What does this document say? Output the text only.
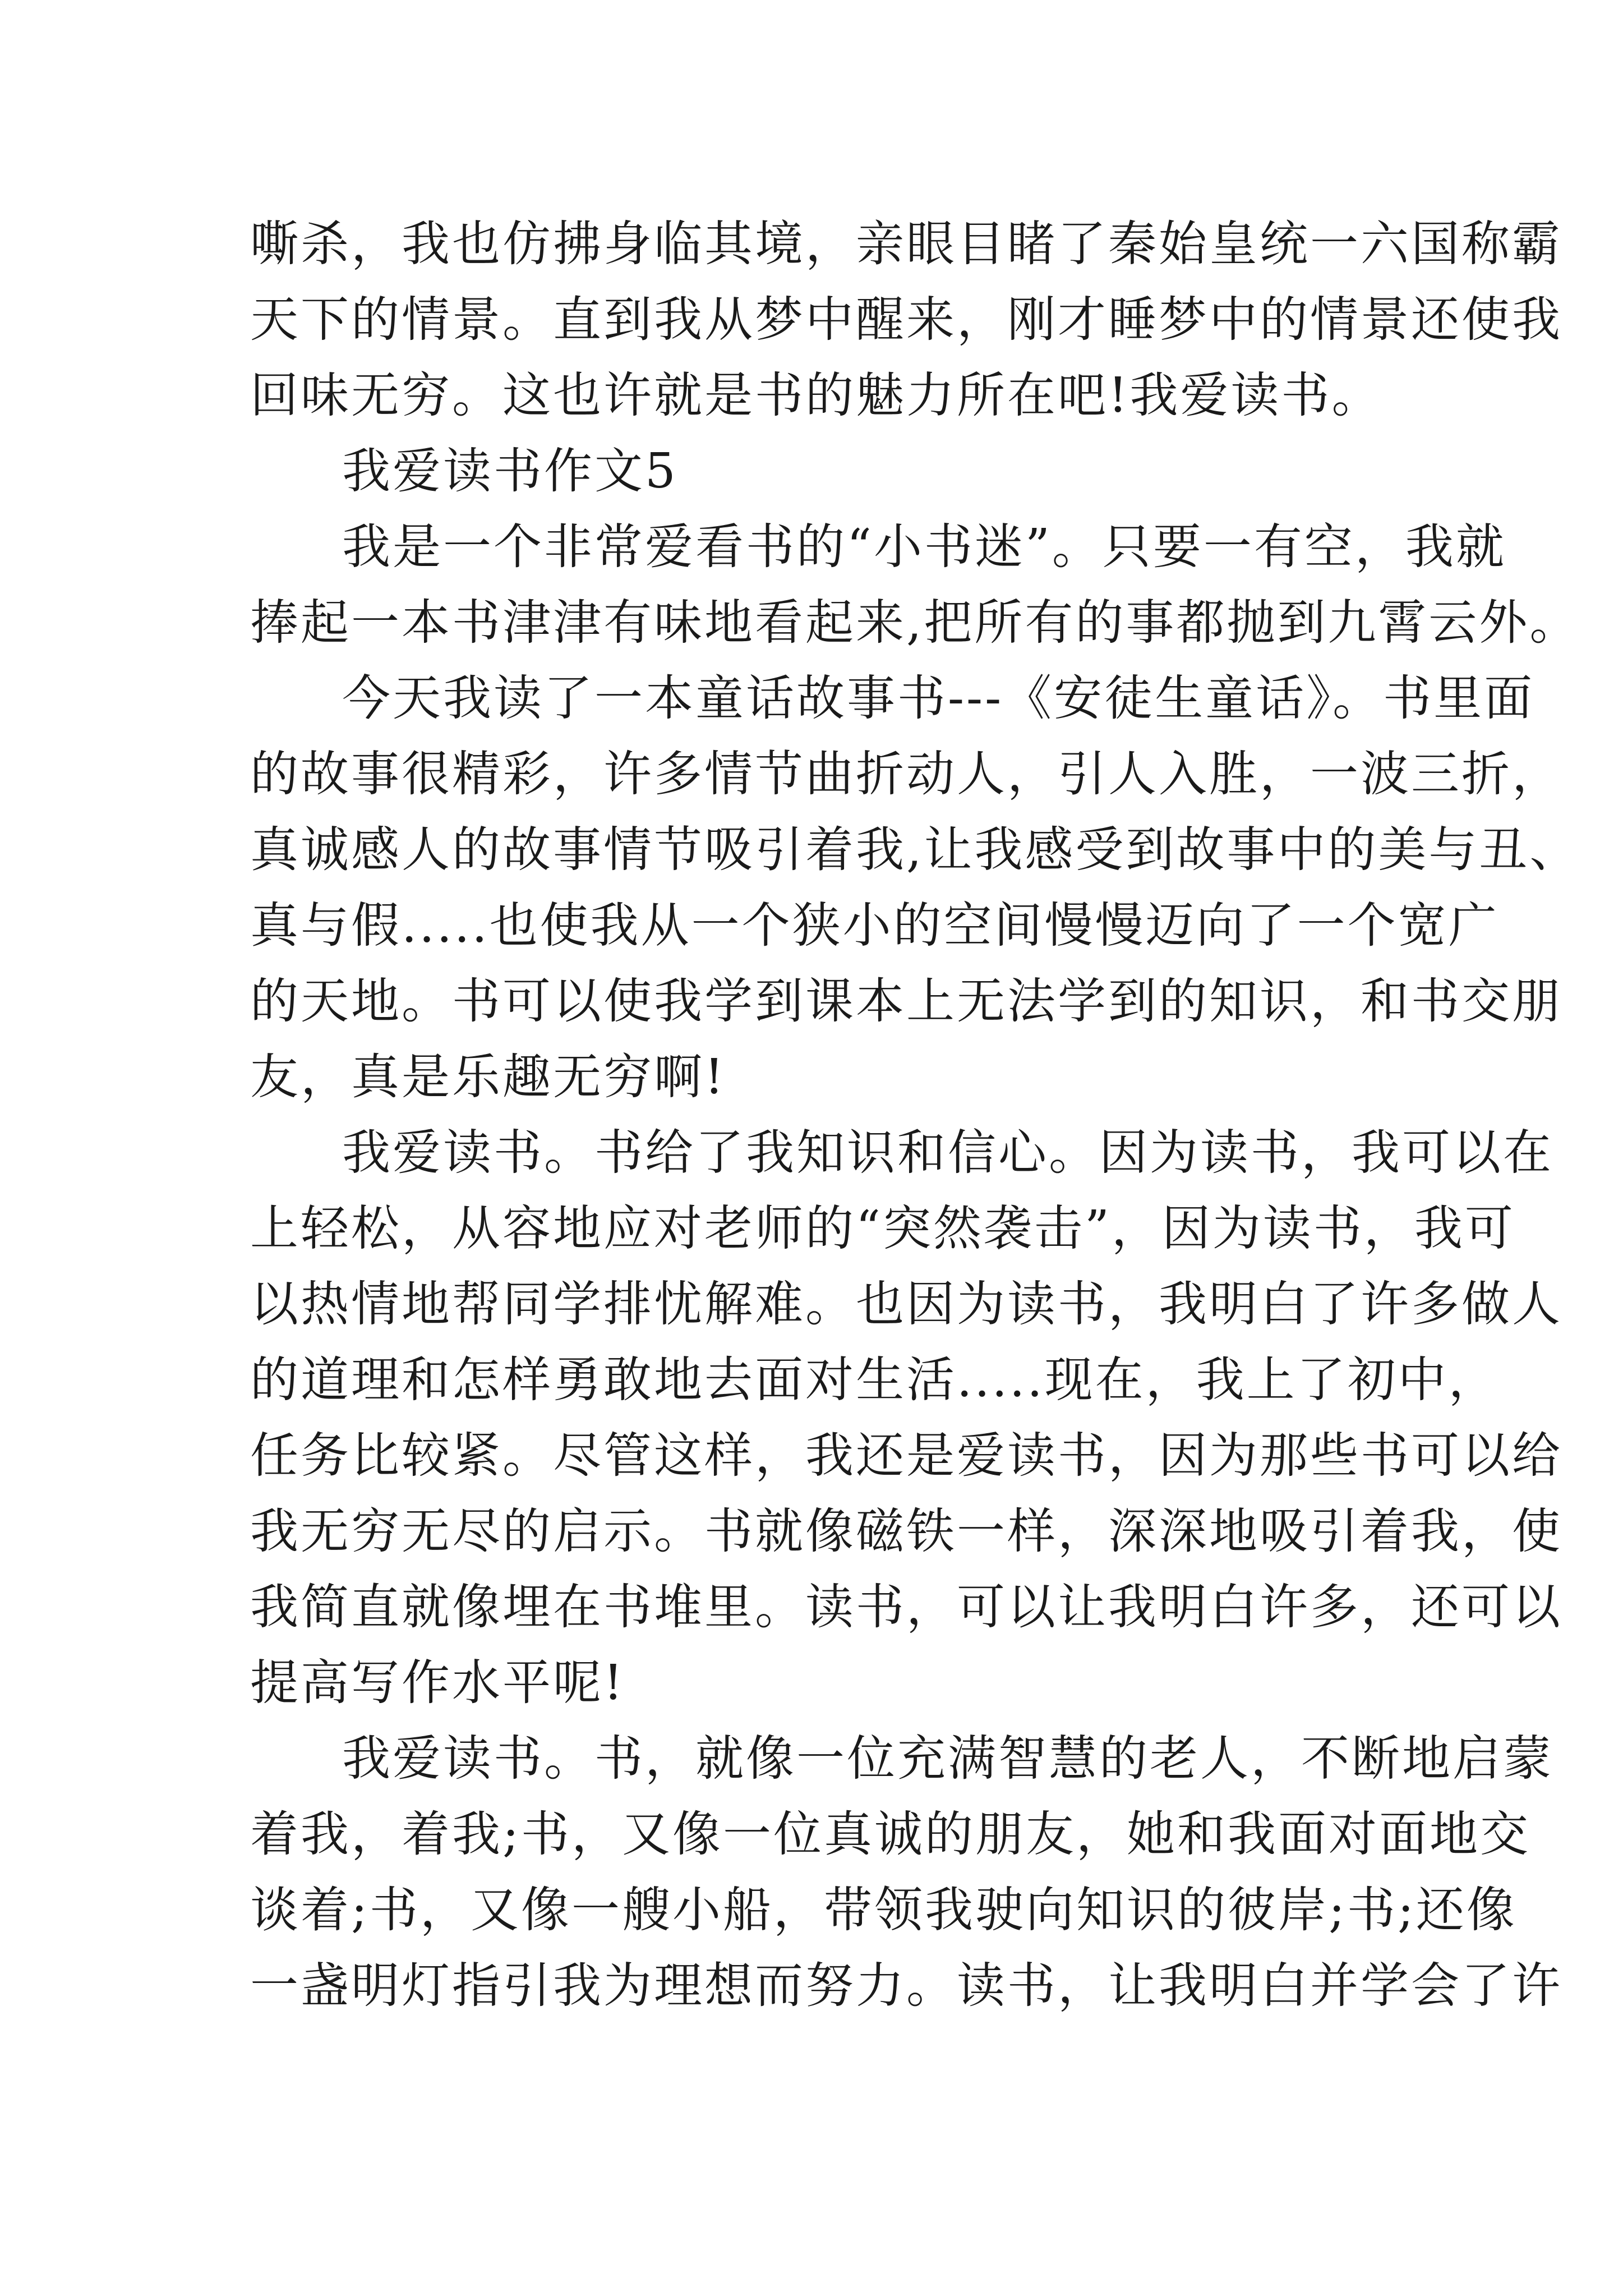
嘶杀，我也仿拂身临其境，亲眼目睹了秦始皇统一六国称霸
天下的情景。直到我从梦中醒来，刚才睡梦中的情景还使我
回味无穷。这也许就是书的魅力所在吧!我爱读书。
我爱读书作文5
我是一个非常爱看书的“小书迷”。只要一有空，我就
捧起一本书津津有味地看起来,把所有的事都抛到九霄云外。
今天我读了一本童话故事书---《安徒生童话》。书里面
的故事很精彩，许多情节曲折动人，引人入胜，一波三折，
真诚感人的故事情节吸引着我,让我感受到故事中的美与丑、
真与假.....也使我从一个狭小的空间慢慢迈向了一个宽广
的天地。书可以使我学到课本上无法学到的知识，和书交朋
友，真是乐趣无穷啊!
我爱读书。书给了我知识和信心。因为读书，我可以在
上轻松，从容地应对老师的“突然袭击”，因为读书，我可
以热情地帮同学排忧解难。也因为读书，我明白了许多做人
的道理和怎样勇敢地去面对生活.....现在，我上了初中，
任务比较紧。尽管这样，我还是爱读书，因为那些书可以给
我无穷无尽的启示。书就像磁铁一样，深深地吸引着我，使
我简直就像埋在书堆里。读书，可以让我明白许多，还可以
提高写作水平呢!
我爱读书。书，就像一位充满智慧的老人，不断地启蒙
着我，着我;书，又像一位真诚的朋友，她和我面对面地交
谈着;书，又像一艘小船，带领我驶向知识的彼岸;书;还像
一盏明灯指引我为理想而努力。读书，让我明白并学会了许
